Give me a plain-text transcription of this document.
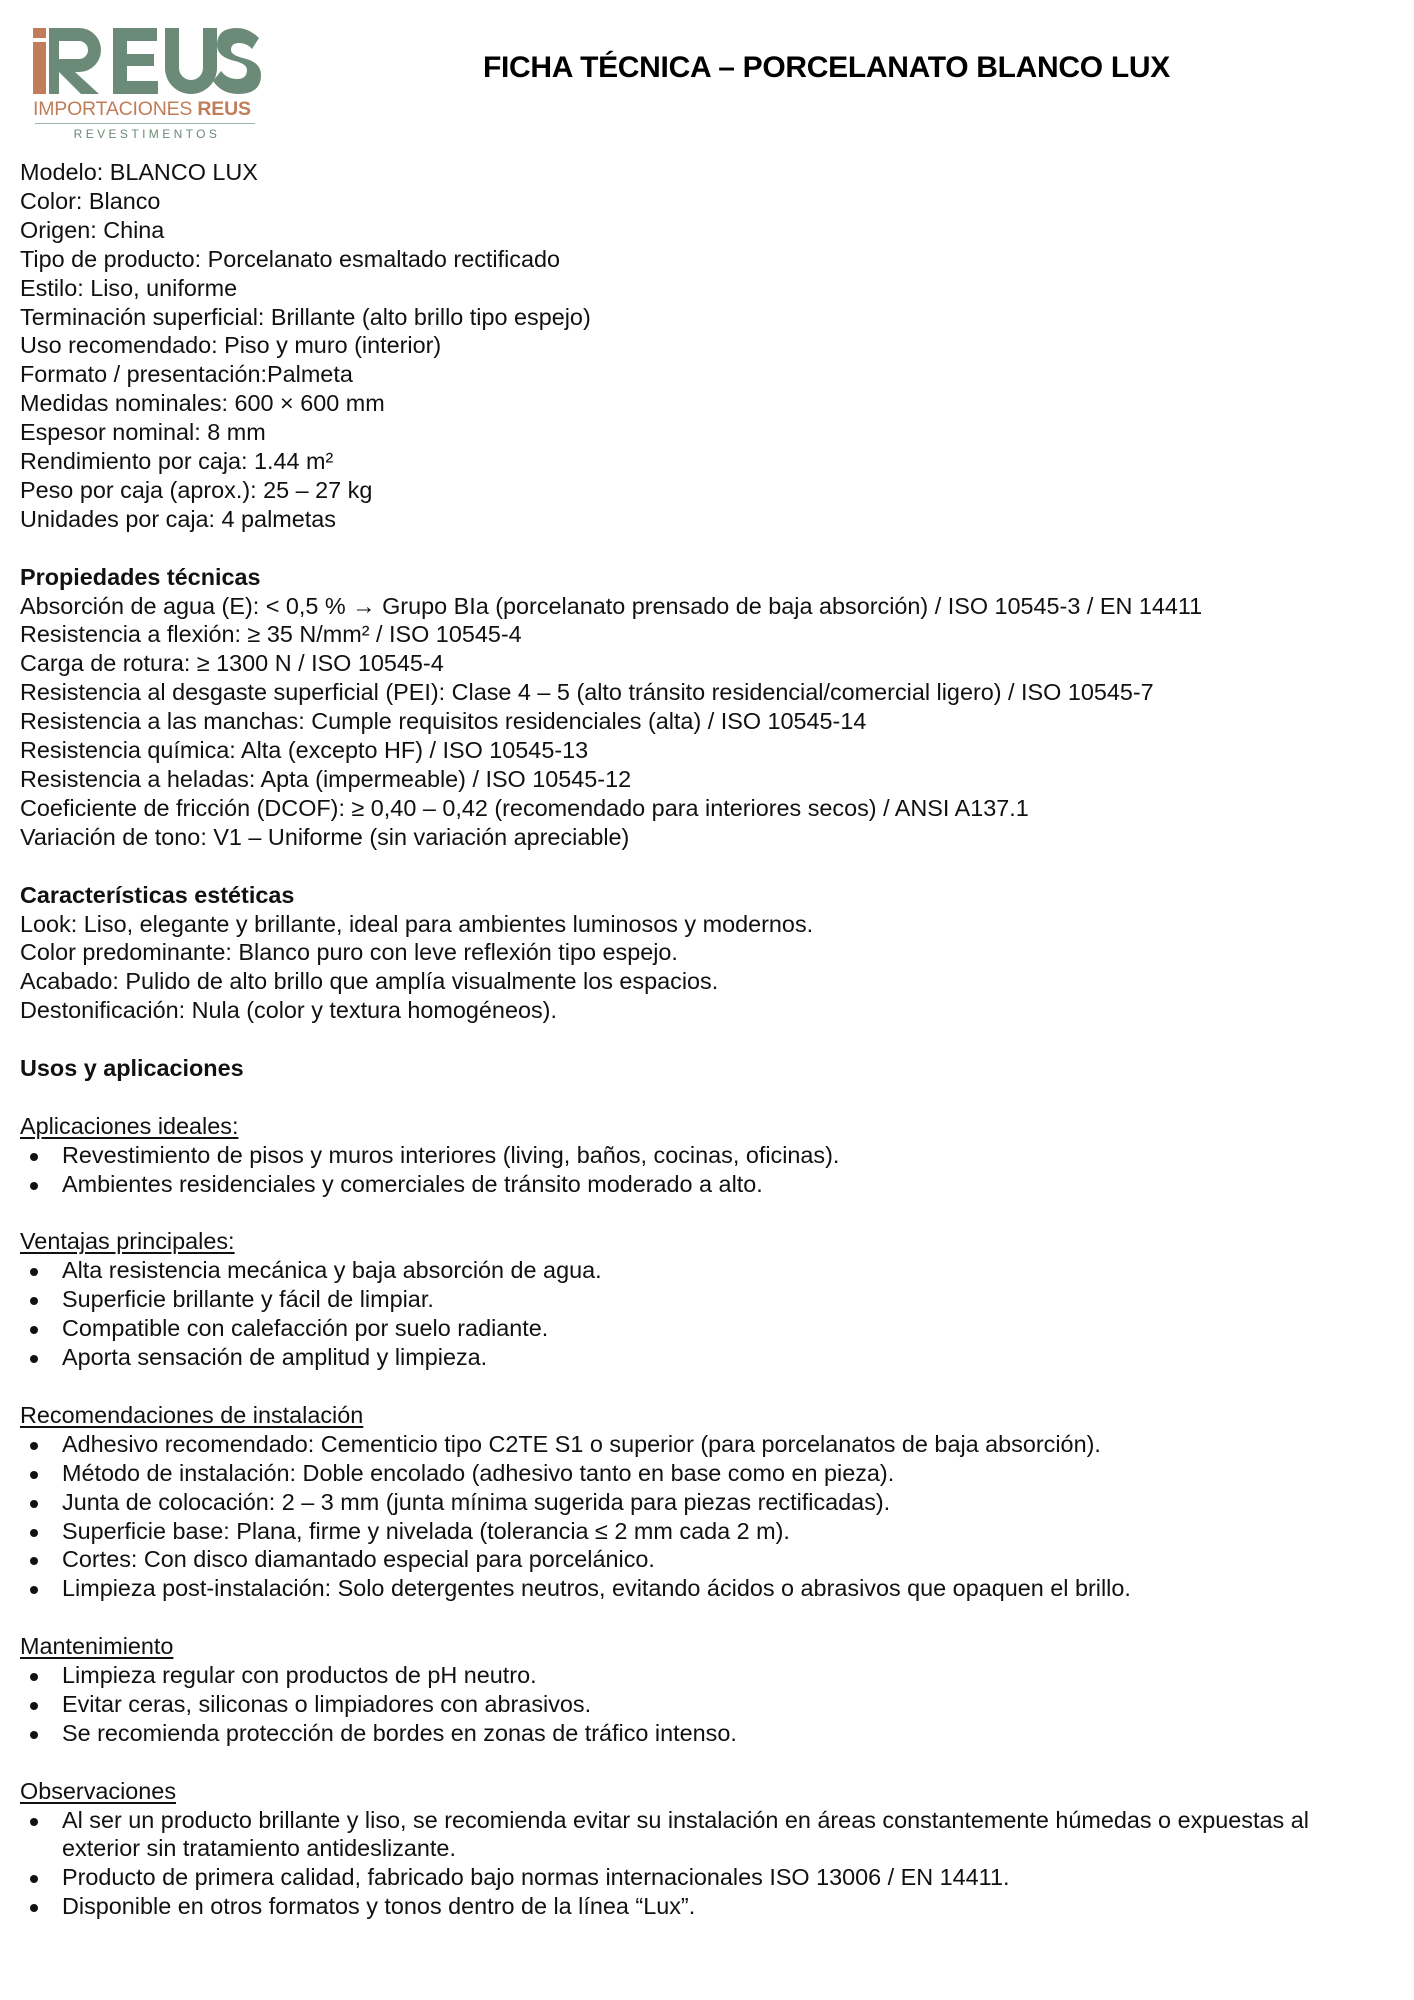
IMPORTACIONES REUS
REVESTIMENTOS
FICHA TÉCNICA – PORCELANATO BLANCO LUX
Modelo: BLANCO LUX
Color: Blanco
Origen: China
Tipo de producto: Porcelanato esmaltado rectificado
Estilo: Liso, uniforme
Terminación superficial: Brillante (alto brillo tipo espejo)
Uso recomendado: Piso y muro (interior)
Formato / presentación:Palmeta
Medidas nominales: 600 × 600 mm
Espesor nominal: 8 mm
Rendimiento por caja: 1.44 m²
Peso por caja (aprox.): 25 – 27 kg
Unidades por caja: 4 palmetas
Propiedades técnicas
Absorción de agua (E): < 0,5 % → Grupo BIa (porcelanato prensado de baja absorción) / ISO 10545-3 / EN 14411
Resistencia a flexión: ≥ 35 N/mm² / ISO 10545-4
Carga de rotura: ≥ 1300 N / ISO 10545-4
Resistencia al desgaste superficial (PEI): Clase 4 – 5 (alto tránsito residencial/comercial ligero) / ISO 10545-7
Resistencia a las manchas: Cumple requisitos residenciales (alta) / ISO 10545-14
Resistencia química: Alta (excepto HF) / ISO 10545-13
Resistencia a heladas: Apta (impermeable) / ISO 10545-12
Coeficiente de fricción (DCOF): ≥ 0,40 – 0,42 (recomendado para interiores secos) / ANSI A137.1
Variación de tono: V1 – Uniforme (sin variación apreciable)
Características estéticas
Look: Liso, elegante y brillante, ideal para ambientes luminosos y modernos.
Color predominante: Blanco puro con leve reflexión tipo espejo.
Acabado: Pulido de alto brillo que amplía visualmente los espacios.
Destonificación: Nula (color y textura homogéneos).
Usos y aplicaciones
Aplicaciones ideales:
Revestimiento de pisos y muros interiores (living, baños, cocinas, oficinas).
Ambientes residenciales y comerciales de tránsito moderado a alto.
Ventajas principales:
Alta resistencia mecánica y baja absorción de agua.
Superficie brillante y fácil de limpiar.
Compatible con calefacción por suelo radiante.
Aporta sensación de amplitud y limpieza.
Recomendaciones de instalación
Adhesivo recomendado: Cementicio tipo C2TE S1 o superior (para porcelanatos de baja absorción).
Método de instalación: Doble encolado (adhesivo tanto en base como en pieza).
Junta de colocación: 2 – 3 mm (junta mínima sugerida para piezas rectificadas).
Superficie base: Plana, firme y nivelada (tolerancia ≤ 2 mm cada 2 m).
Cortes: Con disco diamantado especial para porcelánico.
Limpieza post-instalación: Solo detergentes neutros, evitando ácidos o abrasivos que opaquen el brillo.
Mantenimiento
Limpieza regular con productos de pH neutro.
Evitar ceras, siliconas o limpiadores con abrasivos.
Se recomienda protección de bordes en zonas de tráfico intenso.
Observaciones
Al ser un producto brillante y liso, se recomienda evitar su instalación en áreas constantemente húmedas o expuestas al exterior sin tratamiento antideslizante.
Producto de primera calidad, fabricado bajo normas internacionales ISO 13006 / EN 14411.
Disponible en otros formatos y tonos dentro de la línea “Lux”.
